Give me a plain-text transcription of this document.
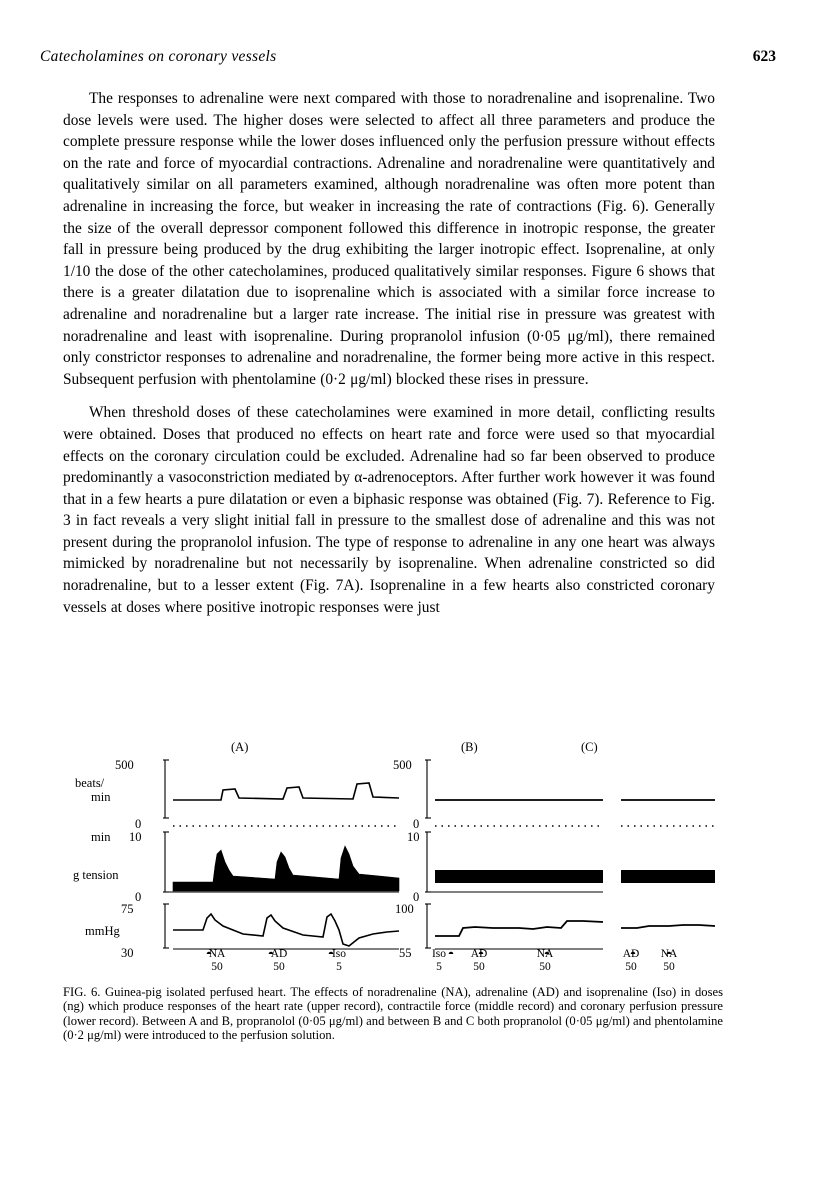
Catecholamines on coronary vessels	623

The responses to adrenaline were next compared with those to noradrenaline and isoprenaline. Two dose levels were used. The higher doses were selected to affect all three parameters and produce the complete pressure response while the lower doses influenced only the perfusion pressure without effects on the rate and force of myocardial contractions. Adrenaline and noradrenaline were quantitatively and qualitatively similar on all parameters examined, although noradrenaline was often more potent than adrenaline in increasing the force, but weaker in increasing the rate of contractions (Fig. 6). Generally the size of the overall depressor component followed this difference in inotropic response, the greater fall in pressure being produced by the drug exhibiting the larger inotropic effect. Isoprenaline, at only 1/10 the dose of the other catecholamines, produced qualitatively similar responses. Figure 6 shows that there is a greater dilatation due to isoprenaline which is associated with a similar force increase to adrenaline and noradrenaline but a larger rate increase. The initial rise in pressure was greatest with noradrenaline and least with isoprenaline. During propranolol infusion (0·05 μg/ml), there remained only constrictor responses to adrenaline and noradrenaline, the former being more active in this respect. Subsequent perfusion with phentolamine (0·2 μg/ml) blocked these rises in pressure.

When threshold doses of these catecholamines were examined in more detail, conflicting results were obtained. Doses that produced no effects on heart rate and force were used so that myocardial effects on the coronary circulation could be excluded. Adrenaline had so far been observed to produce predominantly a vasoconstriction mediated by α-adrenoceptors. After further work however it was found that in a few hearts a pure dilatation or even a biphasic response was obtained (Fig. 7). Reference to Fig. 3 in fact reveals a very slight initial fall in pressure to the smallest dose of adrenaline and this was not present during the propranolol infusion. The type of response to adrenaline in any one heart was always mimicked by noradrenaline but not necessarily by isoprenaline. When adrenaline constricted so did noradrenaline, but to a lesser extent (Fig. 7A). Isoprenaline in a few hearts also constricted coronary vessels at doses where positive inotropic responses were just

(A)	(B)	(C)
500
beats/
min
0
min 10
g tension
0
75
mmHg
30
500
0
10
0
100
55
NA
50
AD
50
Iso
5
Iso
5
AD
50
NA
50
AD
50
NA
50
FIG. 6. Guinea-pig isolated perfused heart. The effects of noradrenaline (NA), adrenaline (AD) and isoprenaline (Iso) in doses (ng) which produce responses of the heart rate (upper record), contractile force (middle record) and coronary perfusion pressure (lower record). Between A and B, propranolol (0·05 μg/ml) and between B and C both propranolol (0·05 μg/ml) and phentolamine (0·2 μg/ml) were introduced to the perfusion solution.
